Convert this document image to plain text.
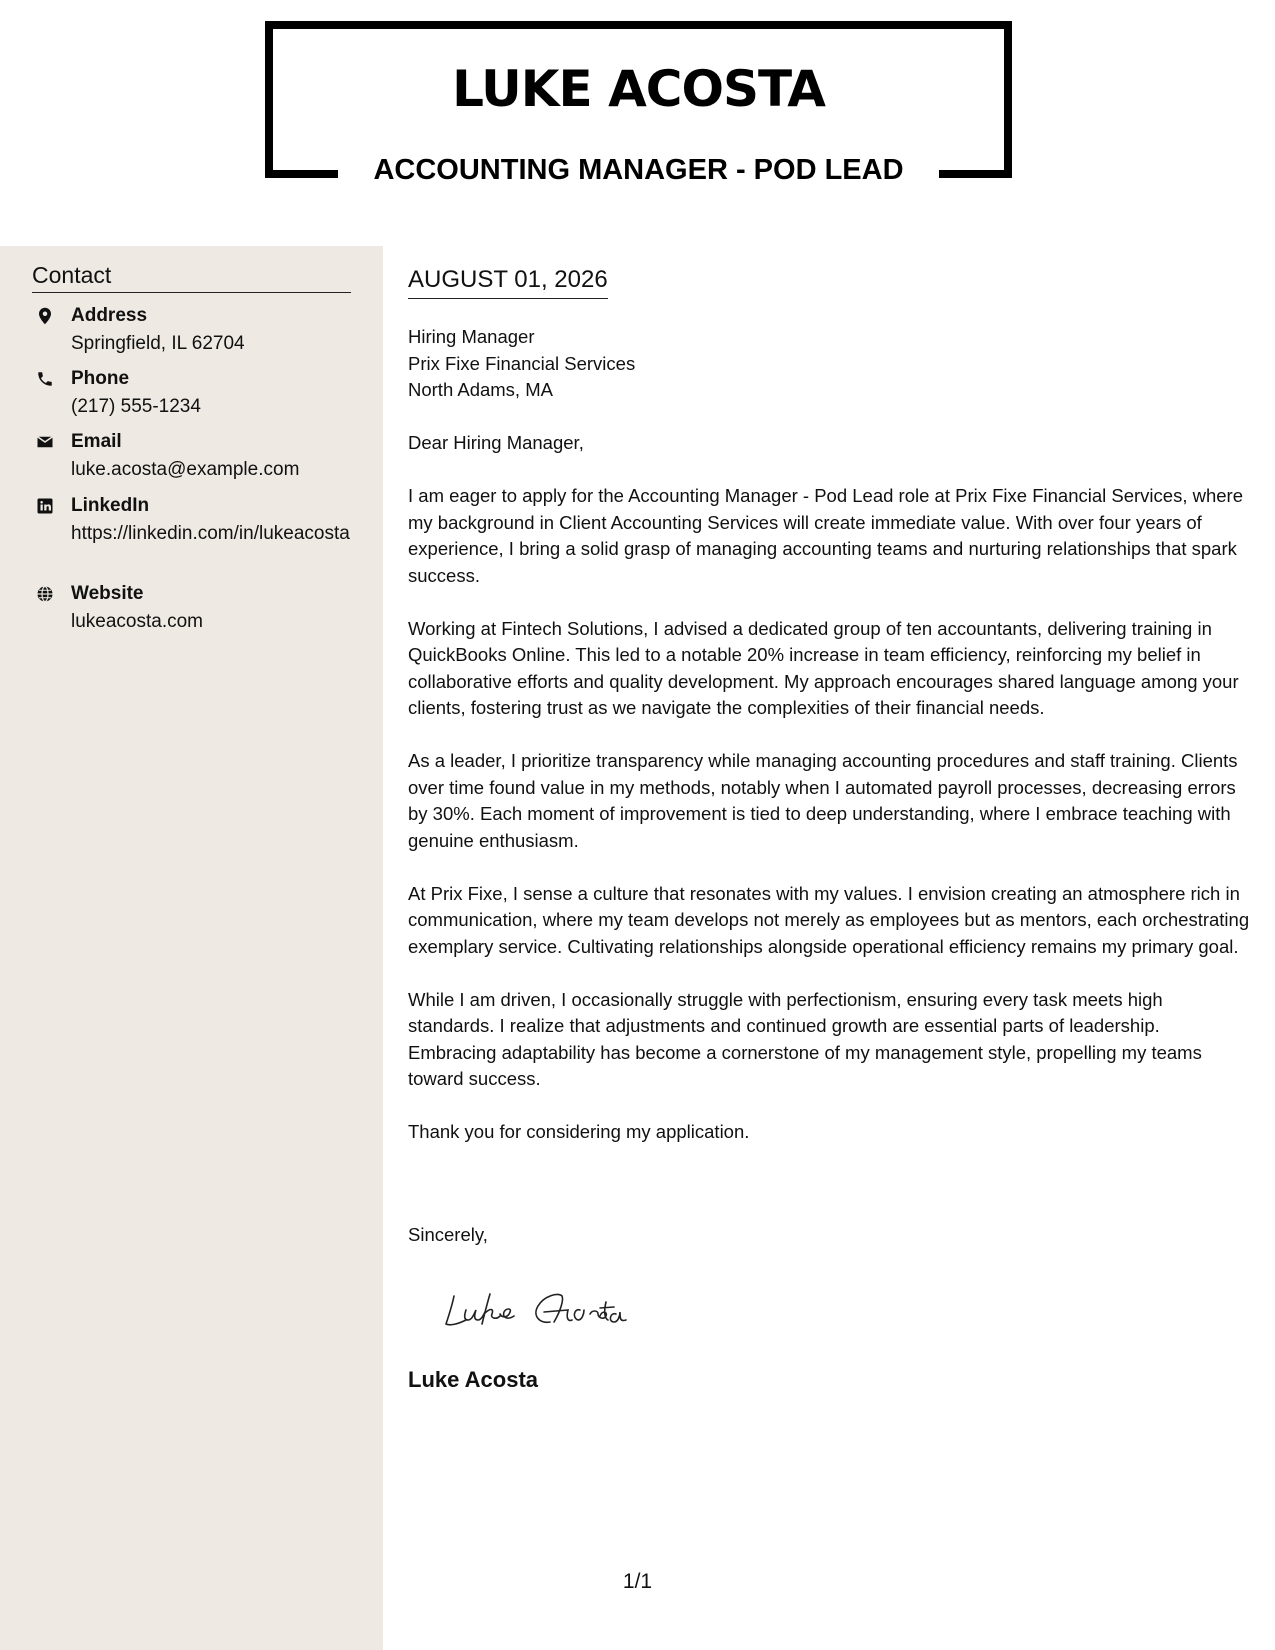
LUKE ACOSTA
ACCOUNTING MANAGER - POD LEAD
Contact
Address
Springfield, IL 62704
Phone
(217) 555-1234
Email
luke.acosta@example.com
LinkedIn
https://linkedin.com/in/lukeacosta
Website
lukeacosta.com
AUGUST 01, 2026
Hiring Manager
Prix Fixe Financial Services
North Adams, MA

Dear Hiring Manager,

I am eager to apply for the Accounting Manager - Pod Lead role at Prix Fixe Financial Services, where my background in Client Accounting Services will create immediate value. With over four years of experience, I bring a solid grasp of managing accounting teams and nurturing relationships that spark success.

Working at Fintech Solutions, I advised a dedicated group of ten accountants, delivering training in QuickBooks Online. This led to a notable 20% increase in team efficiency, reinforcing my belief in collaborative efforts and quality development. My approach encourages shared language among your clients, fostering trust as we navigate the complexities of their financial needs.

As a leader, I prioritize transparency while managing accounting procedures and staff training. Clients over time found value in my methods, notably when I automated payroll processes, decreasing errors by 30%. Each moment of improvement is tied to deep understanding, where I embrace teaching with genuine enthusiasm.

At Prix Fixe, I sense a culture that resonates with my values. I envision creating an atmosphere rich in communication, where my team develops not merely as employees but as mentors, each orchestrating exemplary service. Cultivating relationships alongside operational efficiency remains my primary goal.

While I am driven, I occasionally struggle with perfectionism, ensuring every task meets high standards. I realize that adjustments and continued growth are essential parts of leadership. Embracing adaptability has become a cornerstone of my management style, propelling my teams toward success.

Thank you for considering my application.

Sincerely,
Luke Acosta
1/1
